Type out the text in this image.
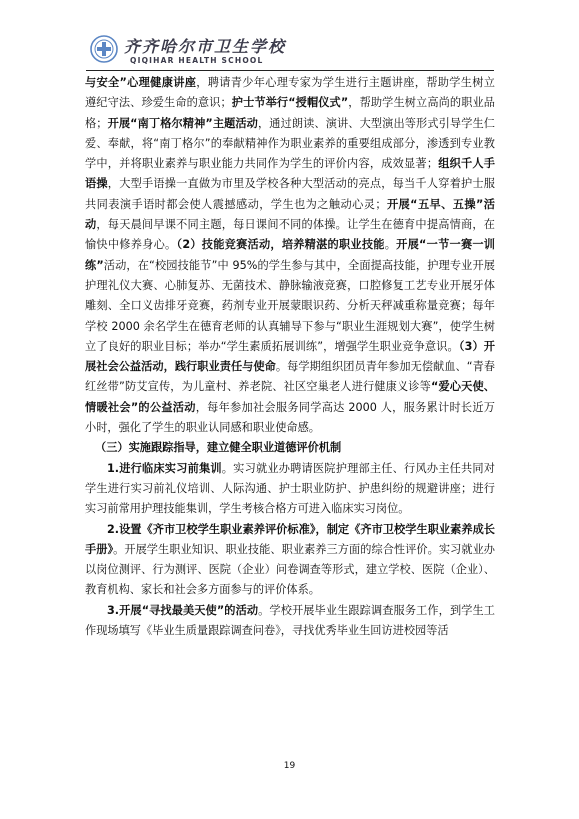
齐齐哈尔市卫生学校
QIQIHAR HEALTH SCHOOL

与安全”心理健康讲座，聘请青少年心理专家为学生进行主题讲座，帮助学生树立遵纪守法、珍爱生命的意识；护士节举行“授帽仪式”，帮助学生树立高尚的职业品格；开展“南丁格尔精神”主题活动，通过朗读、演讲、大型演出等形式引导学生仁爱、奉献，将“南丁格尔”的奉献精神作为职业素养的重要组成部分，渗透到专业教学中，并将职业素养与职业能力共同作为学生的评价内容，成效显著；组织千人手语操，大型手语操一直做为市里及学校各种大型活动的亮点，每当千人穿着护士服共同表演手语时都会使人震撼感动，学生也为之触动心灵；开展“五早、五操”活动，每天晨间早课不同主题，每日课间不同的体操。让学生在德育中提高情商，在愉快中修养身心。（2）技能竞赛活动，培养精湛的职业技能。开展“一节一赛一训练”活动，在“校园技能节”中 95%的学生参与其中，全面提高技能，护理专业开展护理礼仪大赛、心肺复苏、无菌技术、静脉输液竞赛，口腔修复工艺专业开展牙体雕刻、全口义齿排牙竞赛，药剂专业开展蒙眼识药、分析天秤减重称量竞赛；每年学校 2000 余名学生在德育老师的认真辅导下参与“职业生涯规划大赛”，使学生树立了良好的职业目标；举办“学生素质拓展训练”，增强学生职业竞争意识。（3）开展社会公益活动，践行职业责任与使命。每学期组织团员青年参加无偿献血、“青春红丝带”防艾宣传，为儿童村、养老院、社区空巢老人进行健康义诊等“爱心天使、情暖社会”的公益活动，每年参加社会服务同学高达 2000 人，服务累计时长近万小时，强化了学生的职业认同感和职业使命感。

（三）实施跟踪指导，建立健全职业道德评价机制

1.进行临床实习前集训。实习就业办聘请医院护理部主任、行风办主任共同对学生进行实习前礼仪培训、人际沟通、护士职业防护、护患纠纷的规避讲座；进行实习前常用护理技能集训，学生考核合格方可进入临床实习岗位。

2.设置《齐市卫校学生职业素养评价标准》，制定《齐市卫校学生职业素养成长手册》。开展学生职业知识、职业技能、职业素养三方面的综合性评价。实习就业办以岗位测评、行为测评、医院（企业）问卷调查等形式，建立学校、医院（企业）、教育机构、家长和社会多方面参与的评价体系。

3.开展“寻找最美天使”的活动。学校开展毕业生跟踪调查服务工作，到学生工作现场填写《毕业生质量跟踪调查问卷》，寻找优秀毕业生回访进校园等活

19
